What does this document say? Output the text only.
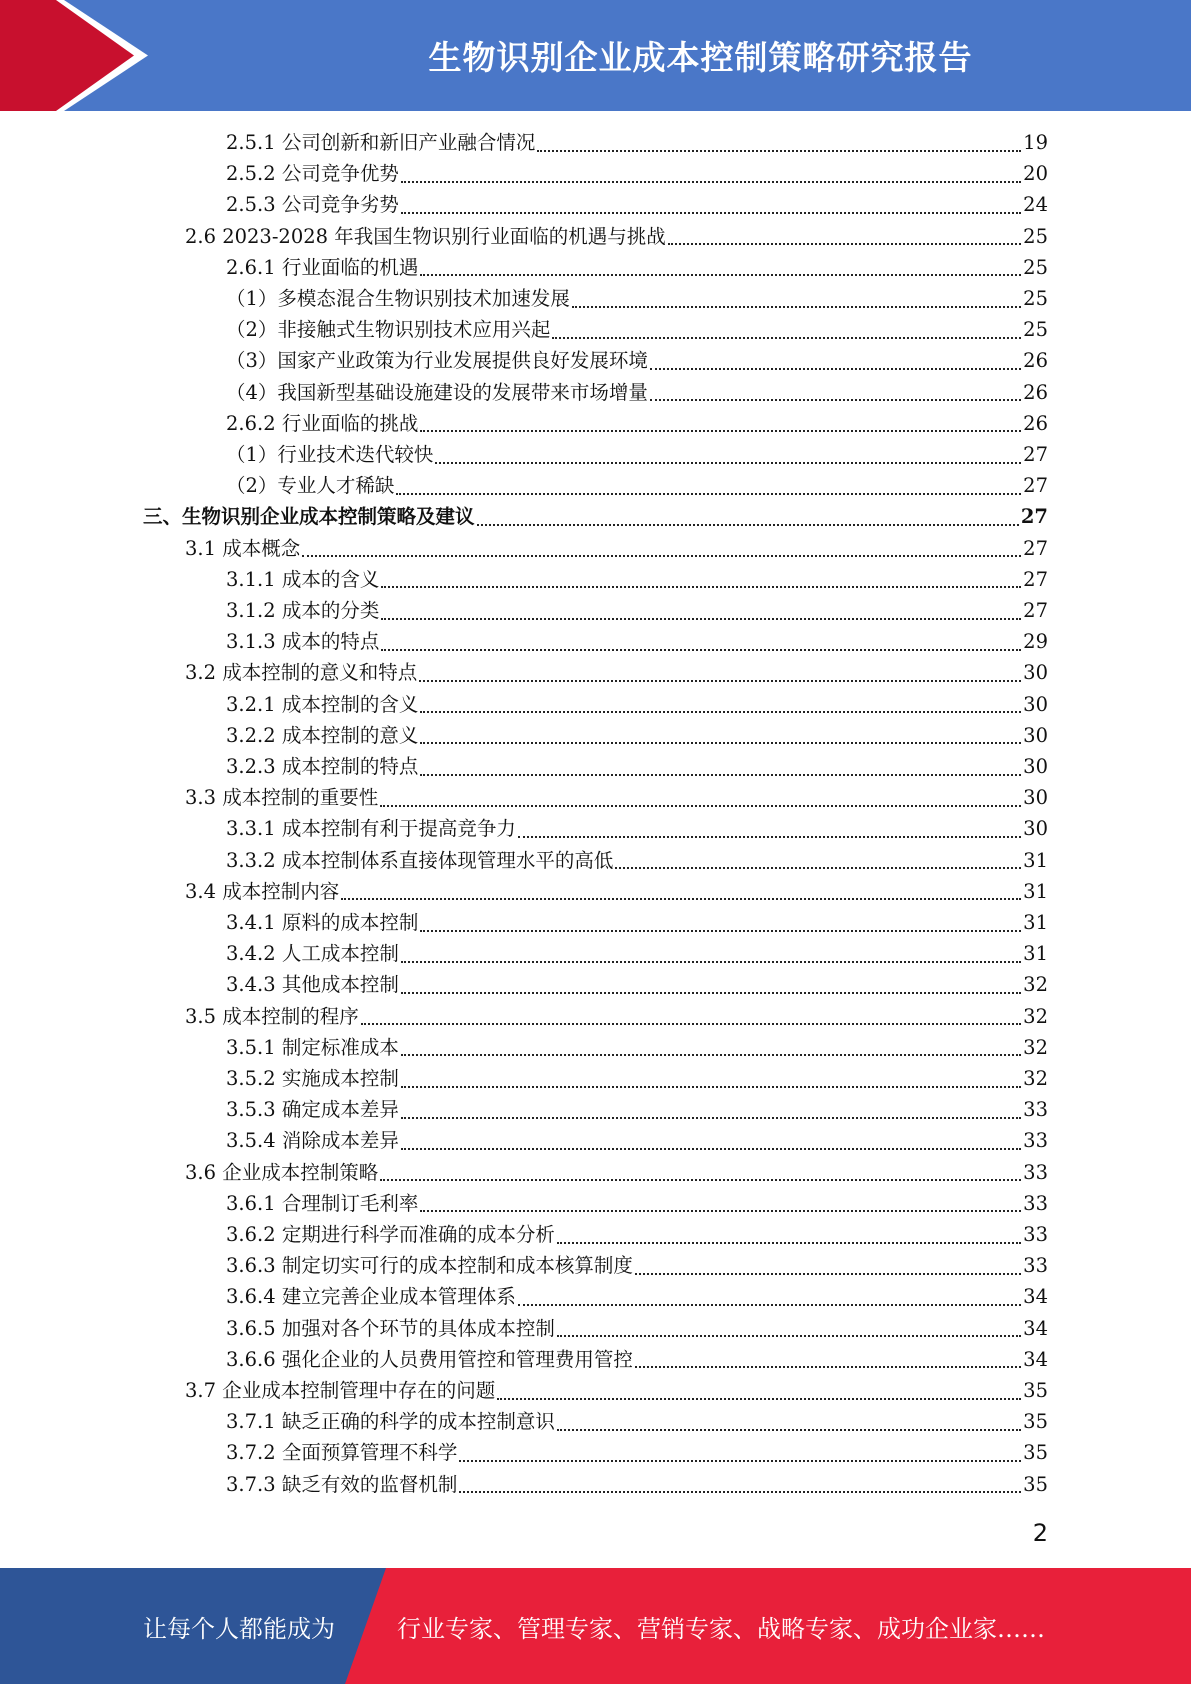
生物识别企业成本控制策略研究报告
2.5.1 公司创新和新旧产业融合情况	19
2.5.2 公司竞争优势	20
2.5.3 公司竞争劣势	24
2.6 2023-2028 年我国生物识别行业面临的机遇与挑战	25
2.6.1 行业面临的机遇	25
（1）多模态混合生物识别技术加速发展	25
（2）非接触式生物识别技术应用兴起	25
（3）国家产业政策为行业发展提供良好发展环境	26
（4）我国新型基础设施建设的发展带来市场增量	26
2.6.2 行业面临的挑战	26
（1）行业技术迭代较快	27
（2）专业人才稀缺	27
三、生物识别企业成本控制策略及建议	27
3.1 成本概念	27
3.1.1 成本的含义	27
3.1.2 成本的分类	27
3.1.3 成本的特点	29
3.2 成本控制的意义和特点	30
3.2.1 成本控制的含义	30
3.2.2 成本控制的意义	30
3.2.3 成本控制的特点	30
3.3 成本控制的重要性	30
3.3.1 成本控制有利于提高竞争力	30
3.3.2 成本控制体系直接体现管理水平的高低	31
3.4 成本控制内容	31
3.4.1 原料的成本控制	31
3.4.2 人工成本控制	31
3.4.3 其他成本控制	32
3.5 成本控制的程序	32
3.5.1 制定标准成本	32
3.5.2 实施成本控制	32
3.5.3 确定成本差异	33
3.5.4 消除成本差异	33
3.6 企业成本控制策略	33
3.6.1 合理制订毛利率	33
3.6.2 定期进行科学而准确的成本分析	33
3.6.3 制定切实可行的成本控制和成本核算制度	33
3.6.4 建立完善企业成本管理体系	34
3.6.5 加强对各个环节的具体成本控制	34
3.6.6 强化企业的人员费用管控和管理费用管控	34
3.7 企业成本控制管理中存在的问题	35
3.7.1 缺乏正确的科学的成本控制意识	35
3.7.2 全面预算管理不科学	35
3.7.3 缺乏有效的监督机制	35
2
让每个人都能成为	行业专家、管理专家、营销专家、战略专家、成功企业家……
